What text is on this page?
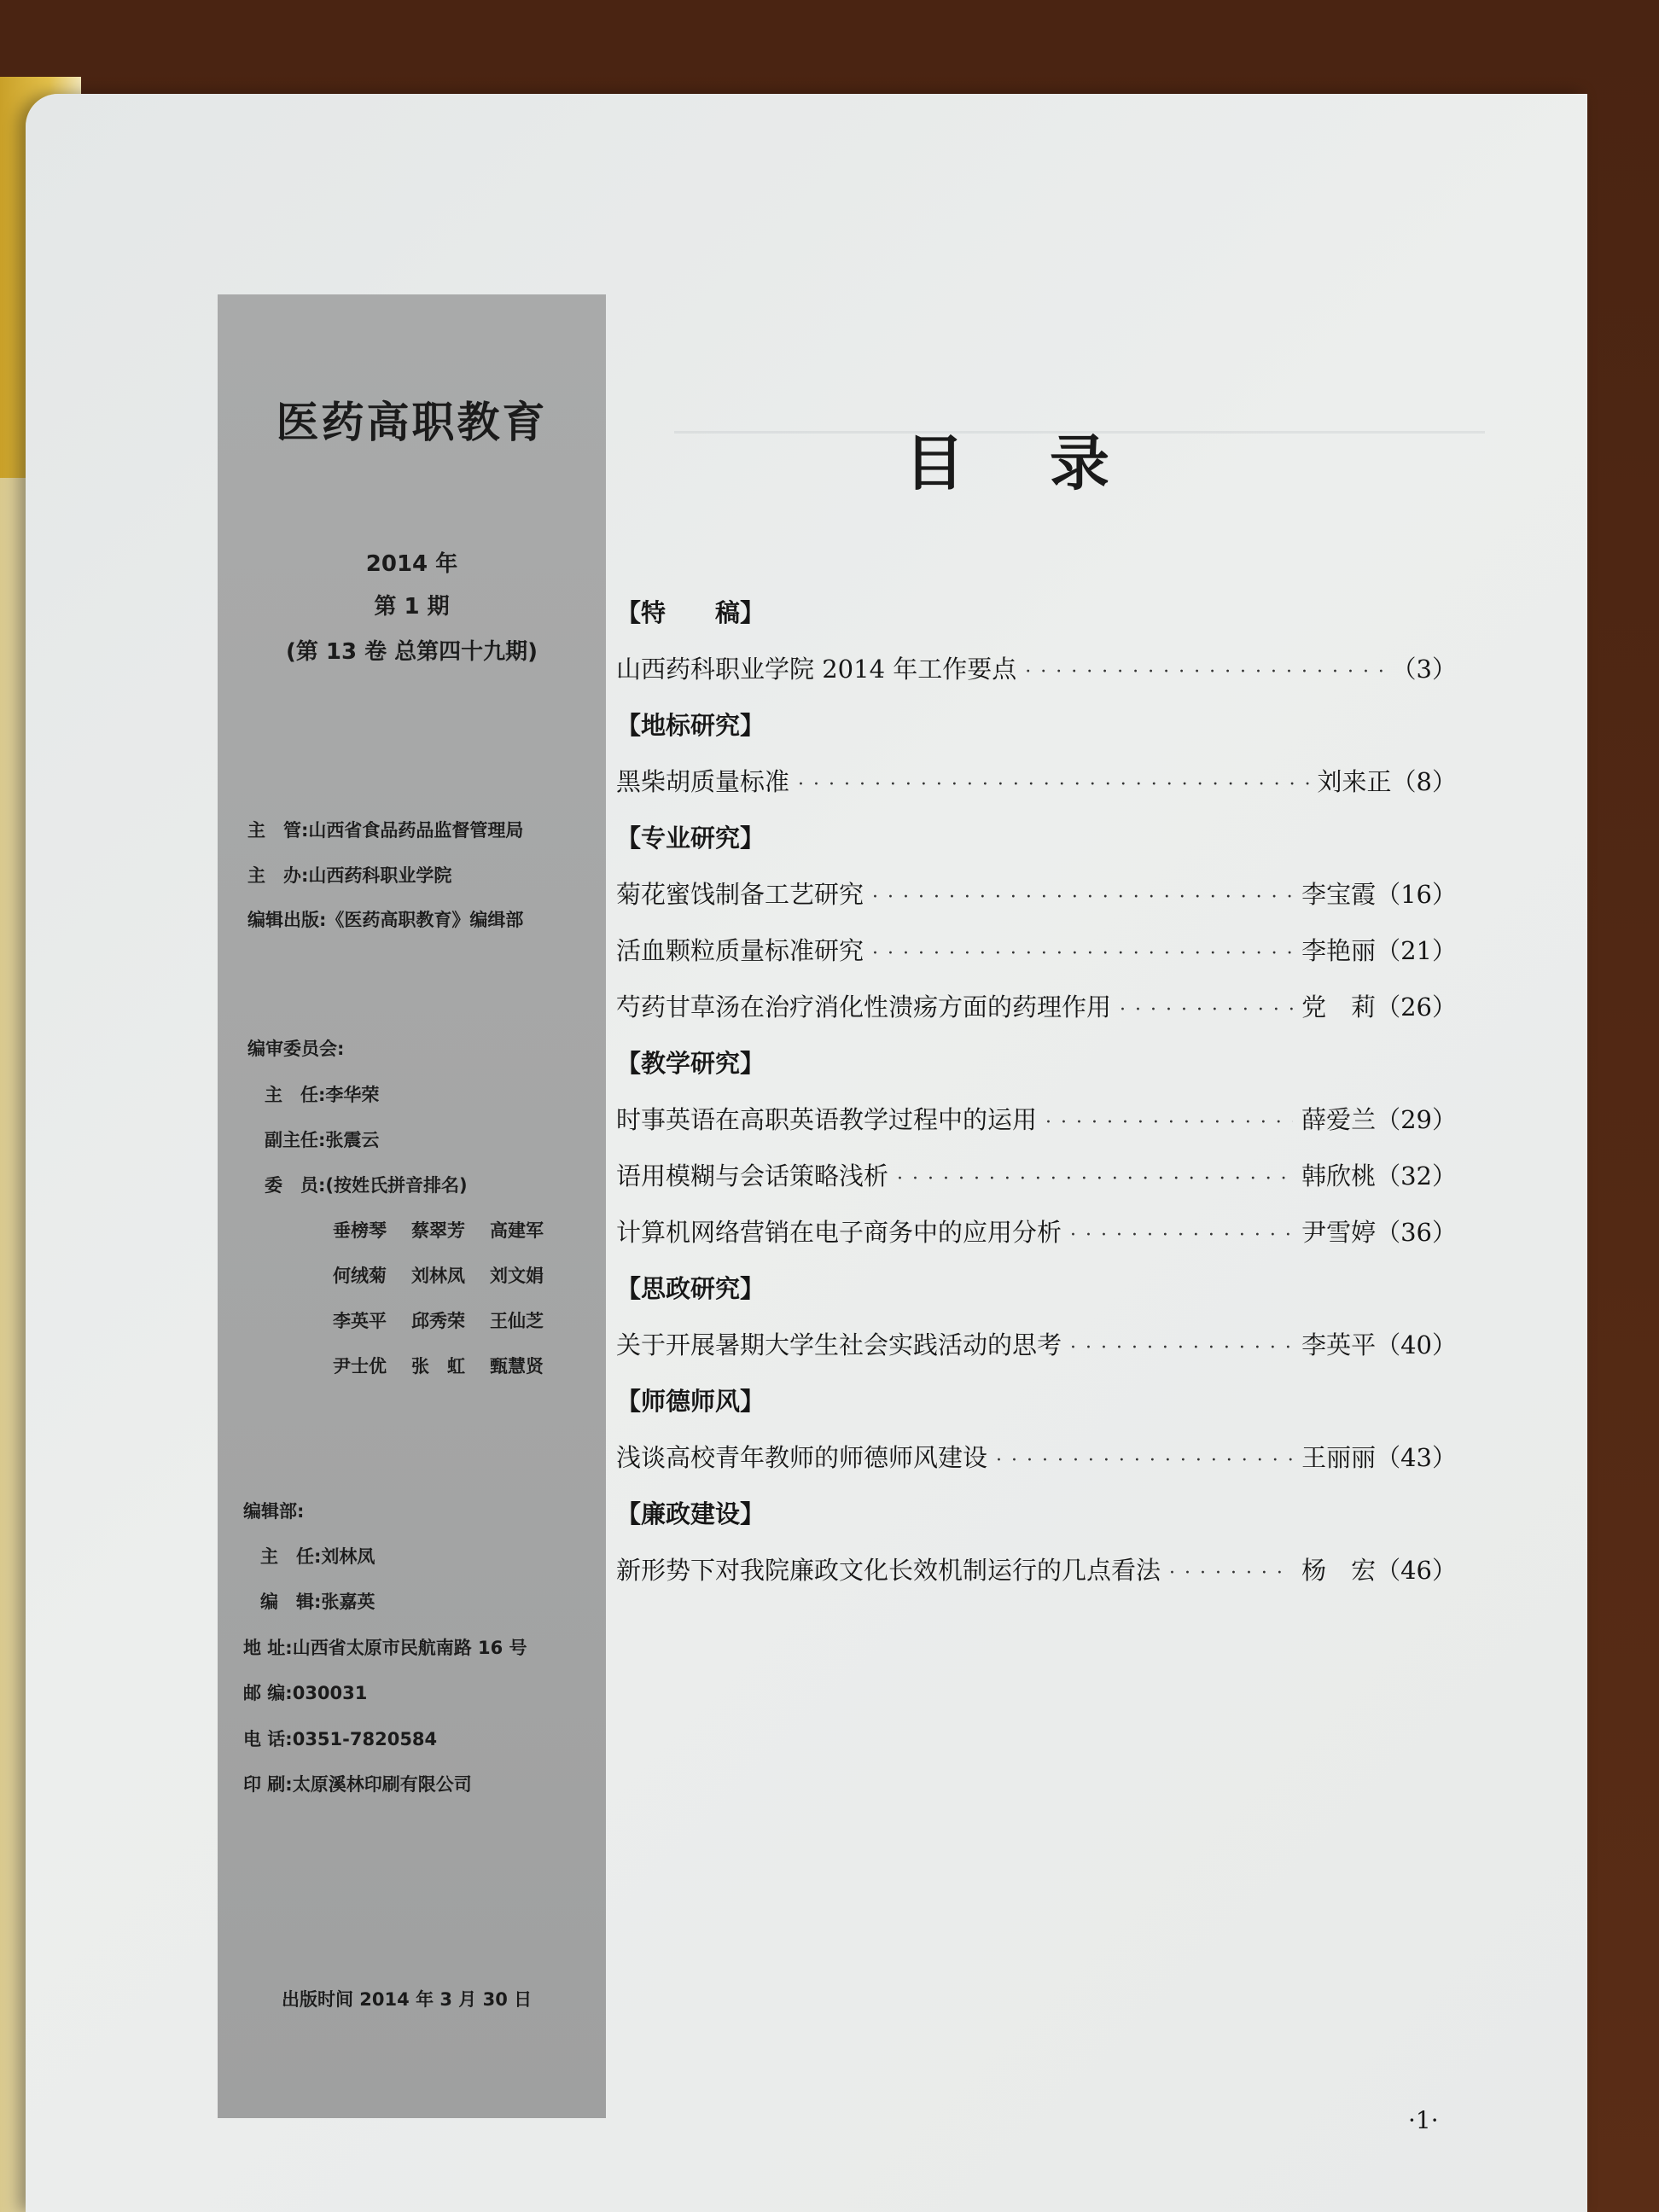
医药高职教育
2014 年
第 1 期
(第 13 卷 总第四十九期)
主　管:山西省食品药品监督管理局
主　办:山西药科职业学院
编辑出版:《医药高职教育》编缉部
编审委员会:
主　任:李华荣
副主任:张震云
委　员:(按姓氏拼音排名)
垂榜琴 蔡翠芳 高建军
何绒菊 刘林凤 刘文娟
李英平 邱秀荣 王仙芝
尹士优 张　虹 甄慧贤
编辑部:
主　任:刘林凤
编　辑:张嘉英
地 址:山西省太原市民航南路 16 号
邮 编:030031
电 话:0351-7820584
印 刷:太原溪林印刷有限公司
出版时间 2014 年 3 月 30 日
目录
【特　　稿】
山西药科职业学院 2014 年工作要点 · · ·	（3）
【地标研究】
黑柴胡质量标准 · · ·	刘来正 （8）
【专业研究】
菊花蜜饯制备工艺研究 · · ·	李宝霞 （16）
活血颗粒质量标准研究 · · ·	李艳丽 （21）
芍药甘草汤在治疗消化性溃疡方面的药理作用 · · ·	党　莉 （26）
【教学研究】
时事英语在高职英语教学过程中的运用 · · ·	薛爱兰 （29）
语用模糊与会话策略浅析 · · ·	韩欣桃 （32）
计算机网络营销在电子商务中的应用分析 · · ·	尹雪婷 （36）
【思政研究】
关于开展暑期大学生社会实践活动的思考 · · ·	李英平 （40）
【师德师风】
浅谈高校青年教师的师德师风建设 · · ·	王丽丽 （43）
【廉政建设】
新形势下对我院廉政文化长效机制运行的几点看法 · · ·	杨　宏 （46）
·1·
